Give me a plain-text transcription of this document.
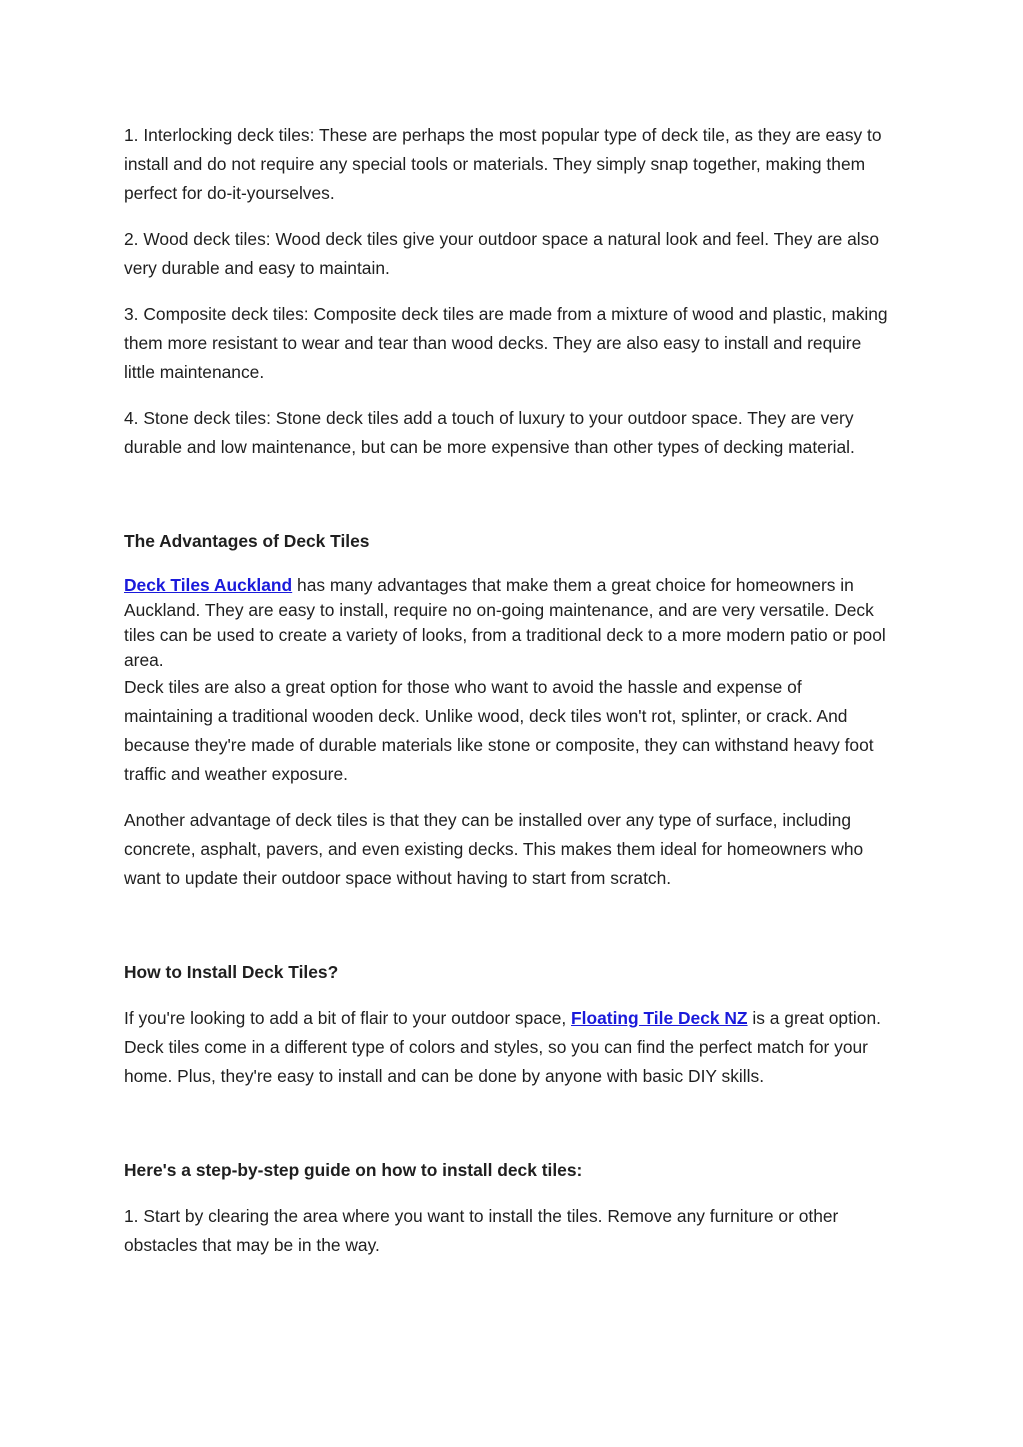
1. Interlocking deck tiles: These are perhaps the most popular type of deck tile, as they are easy to install and do not require any special tools or materials. They simply snap together, making them perfect for do-it-yourselves.

2. Wood deck tiles: Wood deck tiles give your outdoor space a natural look and feel. They are also very durable and easy to maintain.

3. Composite deck tiles: Composite deck tiles are made from a mixture of wood and plastic, making them more resistant to wear and tear than wood decks. They are also easy to install and require little maintenance.

4. Stone deck tiles: Stone deck tiles add a touch of luxury to your outdoor space. They are very durable and low maintenance, but can be more expensive than other types of decking material.

The Advantages of Deck Tiles

Deck Tiles Auckland has many advantages that make them a great choice for homeowners in Auckland. They are easy to install, require no on-going maintenance, and are very versatile. Deck tiles can be used to create a variety of looks, from a traditional deck to a more modern patio or pool area.

Deck tiles are also a great option for those who want to avoid the hassle and expense of maintaining a traditional wooden deck. Unlike wood, deck tiles won't rot, splinter, or crack. And because they're made of durable materials like stone or composite, they can withstand heavy foot traffic and weather exposure.

Another advantage of deck tiles is that they can be installed over any type of surface, including concrete, asphalt, pavers, and even existing decks. This makes them ideal for homeowners who want to update their outdoor space without having to start from scratch.

How to Install Deck Tiles?

If you're looking to add a bit of flair to your outdoor space, Floating Tile Deck NZ is a great option. Deck tiles come in a different type of colors and styles, so you can find the perfect match for your home. Plus, they're easy to install and can be done by anyone with basic DIY skills.

Here's a step-by-step guide on how to install deck tiles:

1. Start by clearing the area where you want to install the tiles. Remove any furniture or other obstacles that may be in the way.
